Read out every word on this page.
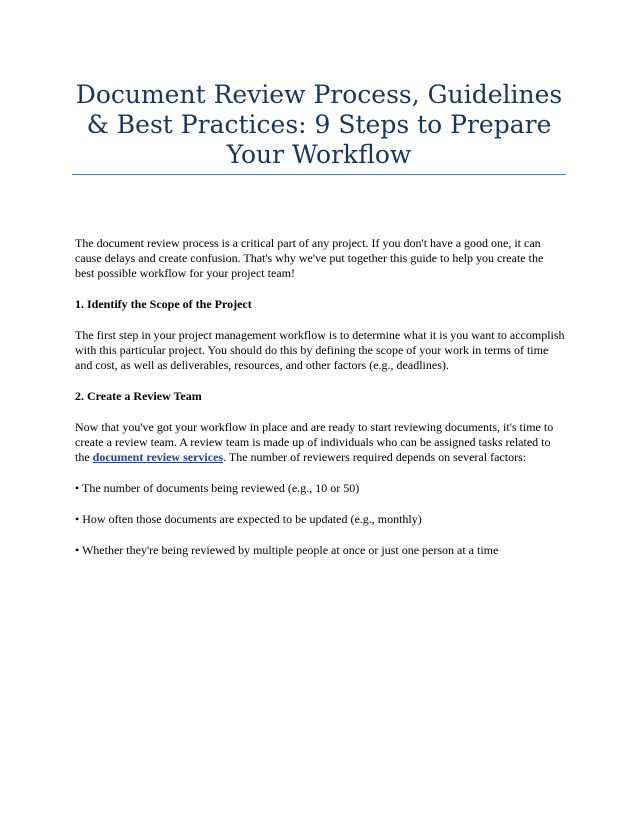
Document Review Process, Guidelines & Best Practices: 9 Steps to Prepare Your Workflow

The document review process is a critical part of any project. If you don't have a good one, it can cause delays and create confusion. That's why we've put together this guide to help you create the best possible workflow for your project team!

1. Identify the Scope of the Project

The first step in your project management workflow is to determine what it is you want to accomplish with this particular project. You should do this by defining the scope of your work in terms of time and cost, as well as deliverables, resources, and other factors (e.g., deadlines).

2. Create a Review Team

Now that you've got your workflow in place and are ready to start reviewing documents, it's time to create a review team. A review team is made up of individuals who can be assigned tasks related to the document review services. The number of reviewers required depends on several factors:

• The number of documents being reviewed (e.g., 10 or 50)

• How often those documents are expected to be updated (e.g., monthly)

• Whether they're being reviewed by multiple people at once or just one person at a time
